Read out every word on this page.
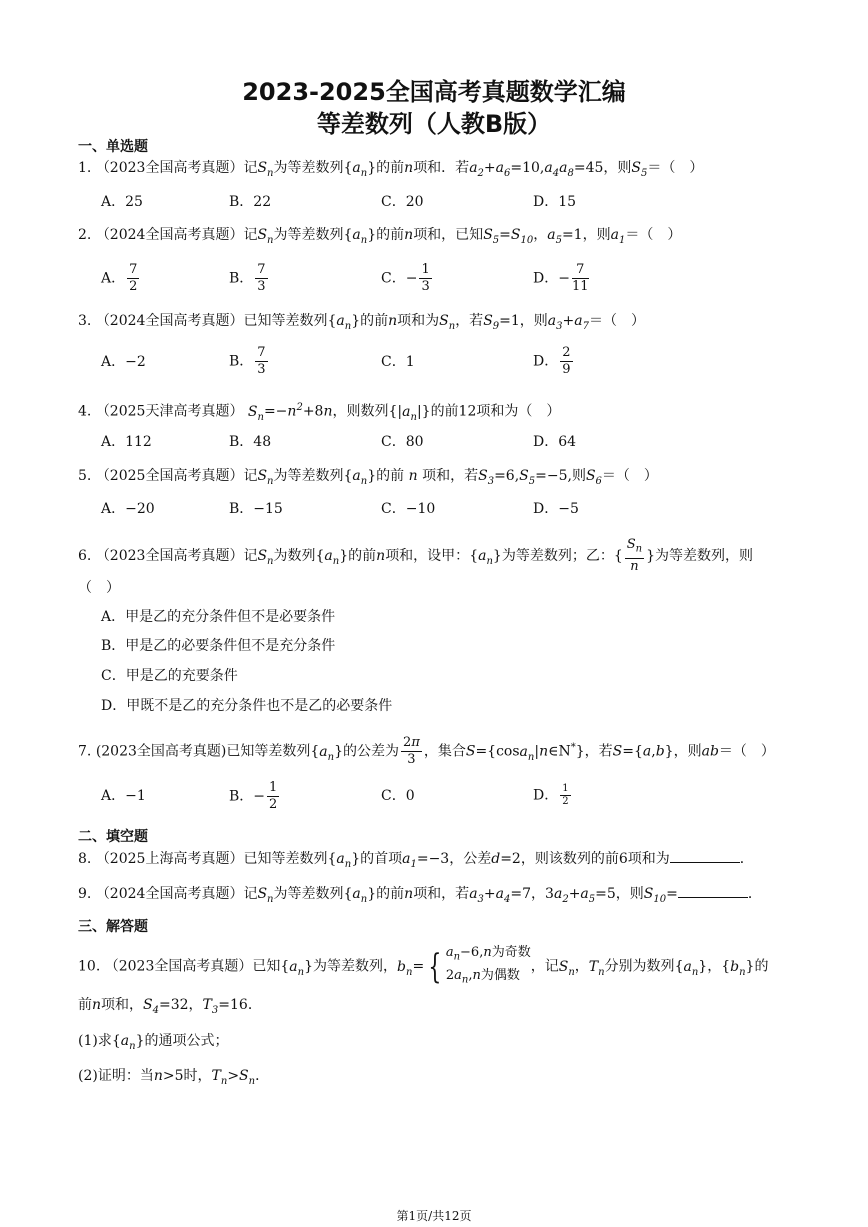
2023-2025全国高考真题数学汇编
等差数列（人教B版）
一、单选题
1. （2023全国高考真题）记$S_n$为等差数列$\{a_n\}$的前n项和．若$a_2+a_6=10,a_4a_8=45$，则$S_5=$（　）
A．25	B．22	C．20	D．15
2. （2024全国高考真题）记$S_n$为等差数列$\{a_n\}$的前n项和，已知$S_5=S_{10}$，$a_5=1$，则$a_1=$（　）
A． $\frac{7}{2}$	B． $\frac{7}{3}$	C．− $\frac{1}{3}$	D．− $\frac{7}{11}$
3. （2024全国高考真题）已知等差数列$\{a_n\}$的前n项和为$S_n$，若$S_9=1$，则$a_3+a_7=$（　）
A．−2	B． $\frac{7}{3}$	C．1	D． $\frac{2}{9}$
4. （2025天津高考真题） $S_n=-n^2+8n$，则数列$\{|a_n|\}$的前12项和为（　）
A．112	B．48	C．80	D．64
5. （2025全国高考真题）记$S_n$为等差数列$\{a_n\}$的前 n 项和，若$S_3=6,S_5=-5$,则$S_6=$（　）
A．−20	B．−15	C．−10	D．−5
6. （2023全国高考真题）记$S_n$为数列$\{a_n\}$的前n项和，设甲：$\{a_n\}$为等差数列；乙：{ $\frac{S_n}{n}$ }为等差数列，则
（　）
A．甲是乙的充分条件但不是必要条件
B．甲是乙的必要条件但不是充分条件
C．甲是乙的充要条件
D．甲既不是乙的充分条件也不是乙的必要条件
7. (2023全国高考真题)已知等差数列$\{a_n\}$的公差为 $\frac{2\pi}{3}$ ，集合S={cosa$_n$|n∈N*}，若S={a,b}，则ab＝（　）
A．−1	B．− $\frac{1}{2}$	C．0	D． $\frac{1}{2}$
二、填空题
8. （2025上海高考真题）已知等差数列$\{a_n\}$的首项$a_1=-3$，公差d=2，则该数列的前6项和为	．
9. （2024全国高考真题）记$S_n$为等差数列$\{a_n\}$的前n项和，若$a_3+a_4=7$，$3a_2+a_5=5$，则$S_{10}=$	．
三、解答题
10. （2023全国高考真题）已知$\{a_n\}$为等差数列，$b_n=$ { $a_n-6,n$为奇数
$2a_n,n$为偶数
，记$S_n$，$T_n$分别为数列$\{a_n\}$，$\{b_n\}$的
前n项和，$S_4=32$，$T_3=16$．
(1)求$\{a_n\}$的通项公式；
(2)证明：当n>5时，$T_n>S_n$．
第1页/共12页
